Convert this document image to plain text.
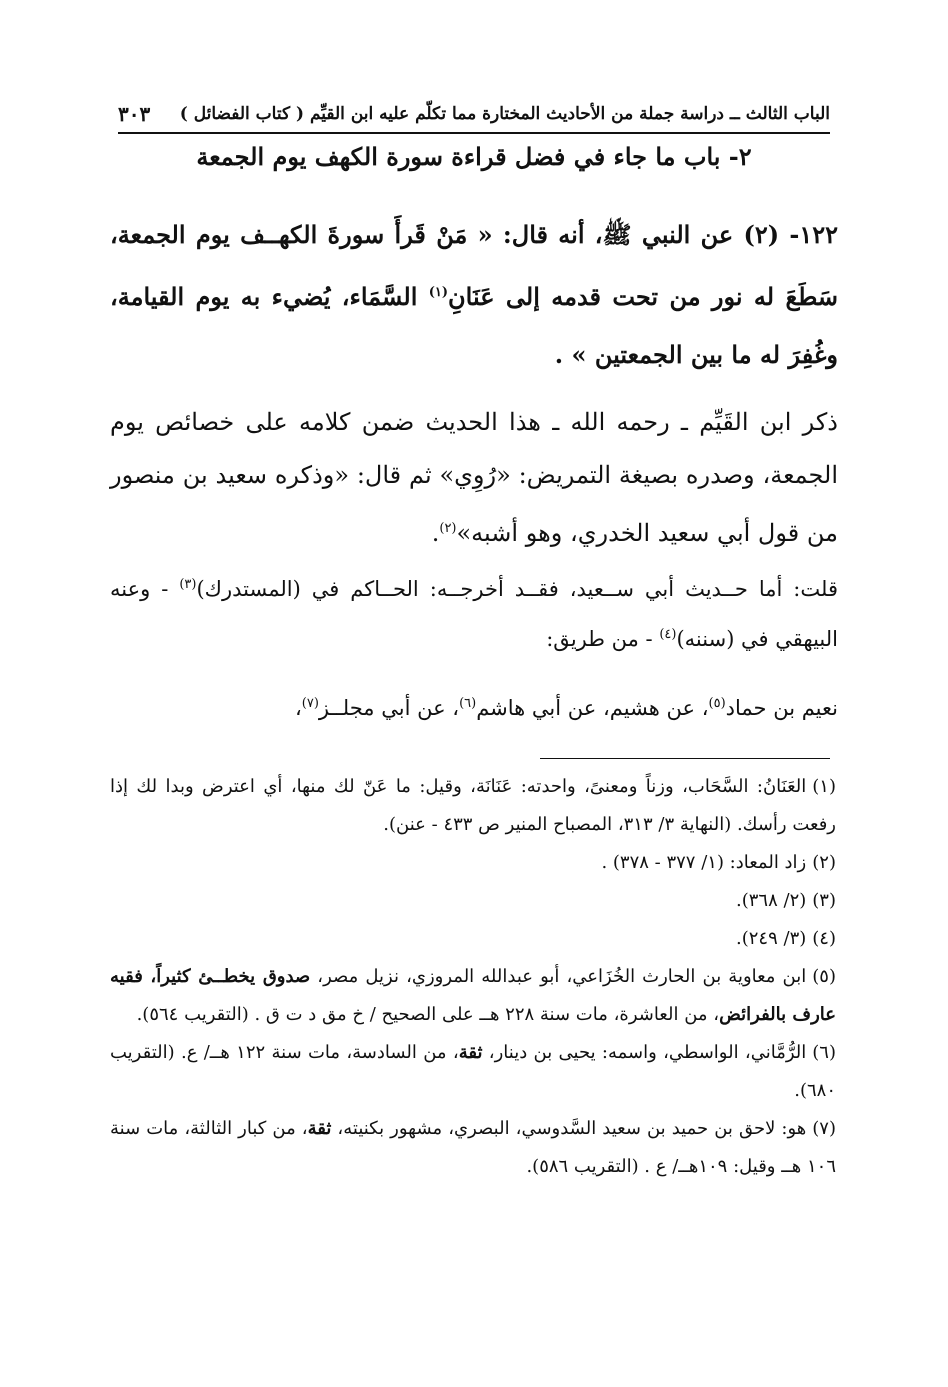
الباب الثالث ــ دراسة جملة من الأحاديث المختارة مما تكلّم عليه ابن القيِّم ( كتاب الفضائل )
٣٠٣
٢- باب ما جاء في فضل قراءة سورة الكهف يوم الجمعة
١٢٢- (٢) عن النبي ﷺ، أنه قال: « مَنْ قَرأَ سورةَ الكهــف يوم الجمعة، سَطَعَ له نور من تحت قدمه إلى عَنَانِ$^{(١)}$ السَّمَاء، يُضيء به يوم القيامة، وغُفِرَ له ما بين الجمعتين » .
ذكر ابن القَيِّم ـ رحمه الله ـ هذا الحديث ضمن كلامه على خصائص يوم الجمعة، وصدره بصيغة التمريض: «رُوِي» ثم قال: «وذكره سعيد بن منصور من قول أبي سعيد الخدري، وهو أشبه»$^{(٢)}$.
قلت: أما حــديث أبي ســعيد، فقــد أخرجــه: الحــاكم في (المستدرك)$^{(٣)}$ - وعنه البيهقي في (سننه)$^{(٤)}$ - من طريق:
نعيم بن حماد$^{(٥)}$، عن هشيم، عن أبي هاشم$^{(٦)}$، عن أبي مجلــز$^{(٧)}$،
(١)العَنَانُ: السَّحَاب، وزناً ومعنىً، واحدته: عَنَانَة، وقيل: ما عَنّ لك منها، أي اعترض وبدا لك إذا رفعت رأسك. (النهاية ٣/ ٣١٣، المصباح المنير ص ٤٣٣ - عنن).
(٢)زاد المعاد: (١/ ٣٧٧ - ٣٧٨) .
(٣)(٢/ ٣٦٨).
(٤)(٣/ ٢٤٩).
(٥)ابن معاوية بن الحارث الخُزَاعي، أبو عبدالله المروزي، نزيل مصر، صدوق يخطــئ كثيراً، فقيه عارف بالفرائض، من العاشرة، مات سنة ٢٢٨ هــ على الصحيح / خ مق د ت ق . (التقريب ٥٦٤).
(٦)الرُّمَّاني، الواسطي، واسمه: يحيى بن دينار، ثقة، من السادسة، مات سنة ١٢٢ هــ/ ع. (التقريب ٦٨٠).
(٧)هو: لاحق بن حميد بن سعيد السَّدوسي، البصري، مشهور بكنيته، ثقة، من كبار الثالثة، مات سنة ١٠٦ هــ وقيل: ١٠٩هــ/ ع . (التقريب ٥٨٦).
